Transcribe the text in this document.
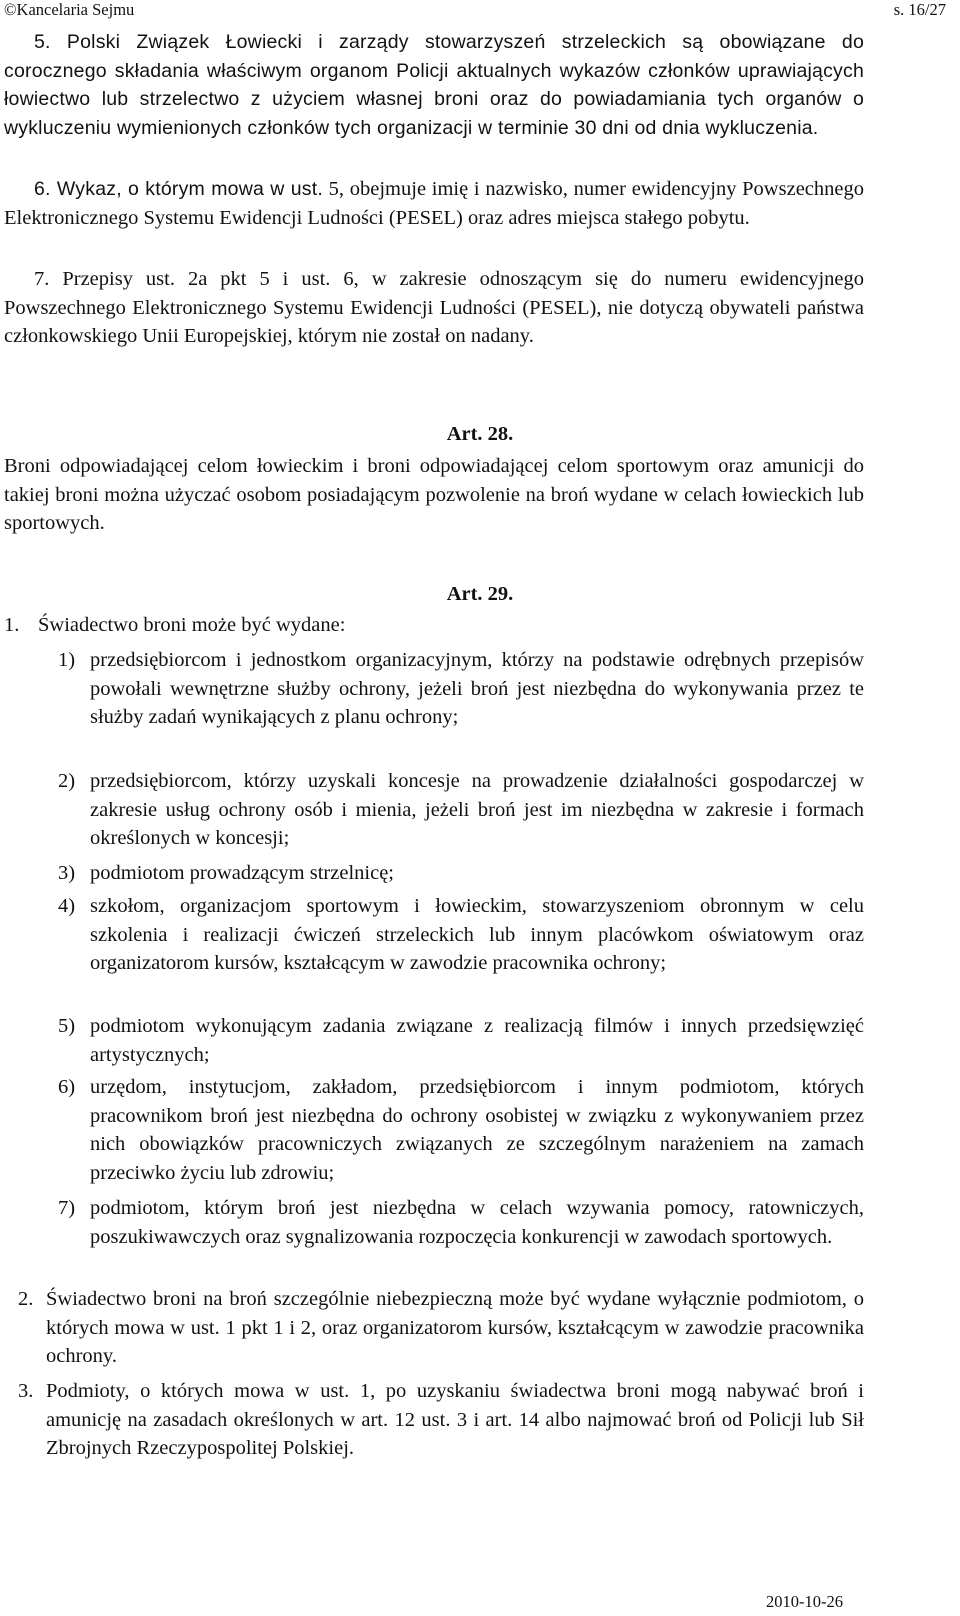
©Kancelaria Sejmu	s. 16/27
5. Polski Związek Łowiecki i zarządy stowarzyszeń strzeleckich są obowiązane do corocznego składania właściwym organom Policji aktualnych wykazów członków uprawiających łowiectwo lub strzelectwo z użyciem własnej broni oraz do powiadamiania tych organów o wykluczeniu wymienionych członków tych organizacji w terminie 30 dni od dnia wykluczenia.
6. Wykaz, o którym mowa w ust. 5, obejmuje imię i nazwisko, numer ewidencyjny Powszechnego Elektronicznego Systemu Ewidencji Ludności (PESEL) oraz adres miejsca stałego pobytu.
7. Przepisy ust. 2a pkt 5 i ust. 6, w zakresie odnoszącym się do numeru ewidencyjnego Powszechnego Elektronicznego Systemu Ewidencji Ludności (PESEL), nie dotyczą obywateli państwa członkowskiego Unii Europejskiej, którym nie został on nadany.
Art. 28.
Broni odpowiadającej celom łowieckim i broni odpowiadającej celom sportowym oraz amunicji do takiej broni można użyczać osobom posiadającym pozwolenie na broń wydane w celach łowieckich lub sportowych.
Art. 29.
1. Świadectwo broni może być wydane:
1) przedsiębiorcom i jednostkom organizacyjnym, którzy na podstawie odrębnych przepisów powołali wewnętrzne służby ochrony, jeżeli broń jest niezbędna do wykonywania przez te służby zadań wynikających z planu ochrony;
2) przedsiębiorcom, którzy uzyskali koncesje na prowadzenie działalności gospodarczej w zakresie usług ochrony osób i mienia, jeżeli broń jest im niezbędna w zakresie i formach określonych w koncesji;
3) podmiotom prowadzącym strzelnicę;
4) szkołom, organizacjom sportowym i łowieckim, stowarzyszeniom obronnym w celu szkolenia i realizacji ćwiczeń strzeleckich lub innym placówkom oświatowym oraz organizatorom kursów, kształcącym w zawodzie pracownika ochrony;
5) podmiotom wykonującym zadania związane z realizacją filmów i innych przedsięwzięć artystycznych;
6) urzędom, instytucjom, zakładom, przedsiębiorcom i innym podmiotom, których pracownikom broń jest niezbędna do ochrony osobistej w związku z wykonywaniem przez nich obowiązków pracowniczych związanych ze szczególnym narażeniem na zamach przeciwko życiu lub zdrowiu;
7) podmiotom, którym broń jest niezbędna w celach wzywania pomocy, ratowniczych, poszukiwawczych oraz sygnalizowania rozpoczęcia konkurencji w zawodach sportowych.
2. Świadectwo broni na broń szczególnie niebezpieczną może być wydane wyłącznie podmiotom, o których mowa w ust. 1 pkt 1 i 2, oraz organizatorom kursów, kształcącym w zawodzie pracownika ochrony.
3. Podmioty, o których mowa w ust. 1, po uzyskaniu świadectwa broni mogą nabywać broń i amunicję na zasadach określonych w art. 12 ust. 3 i art. 14 albo najmować broń od Policji lub Sił Zbrojnych Rzeczypospolitej Polskiej.
2010-10-26
